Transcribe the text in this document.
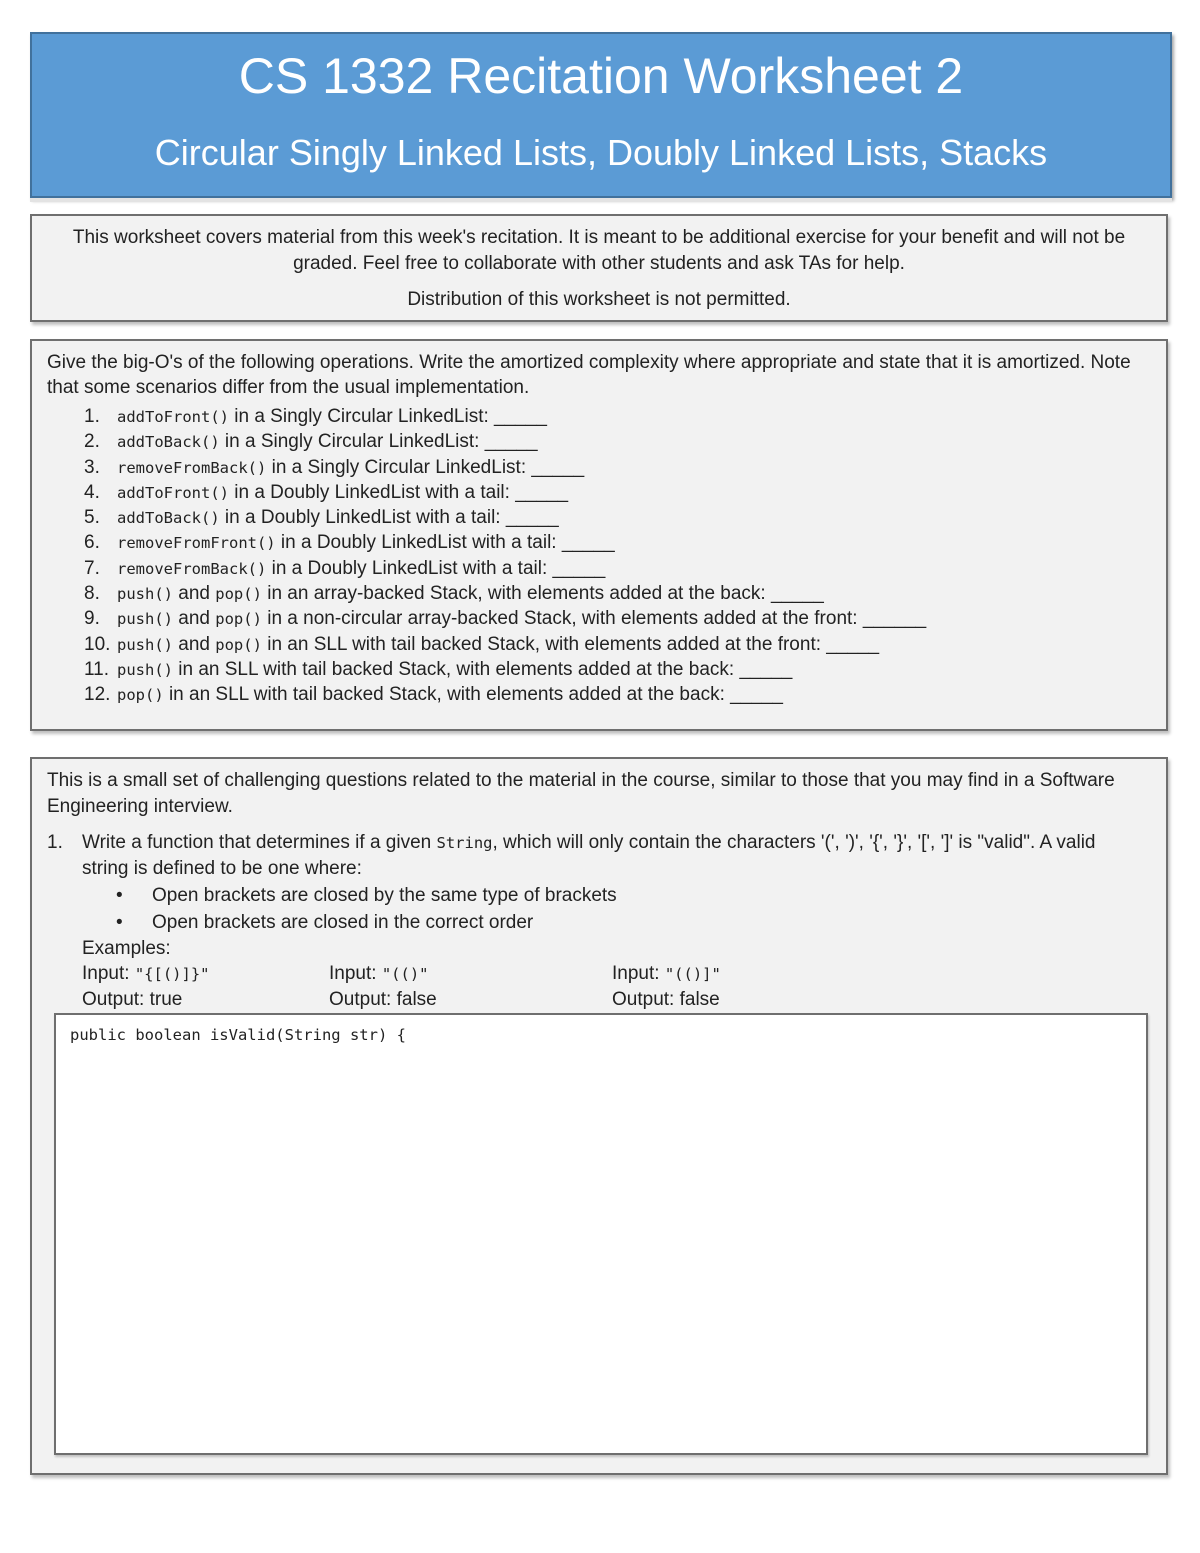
CS 1332 Recitation Worksheet 2
Circular Singly Linked Lists, Doubly Linked Lists, Stacks
This worksheet covers material from this week's recitation. It is meant to be additional exercise for your benefit and will not be graded. Feel free to collaborate with other students and ask TAs for help.
Distribution of this worksheet is not permitted.
Give the big-O's of the following operations. Write the amortized complexity where appropriate and state that it is amortized. Note that some scenarios differ from the usual implementation.
1.	addToFront() in a Singly Circular LinkedList: _____
2.	addToBack() in a Singly Circular LinkedList: _____
3.	removeFromBack() in a Singly Circular LinkedList: _____
4.	addToFront() in a Doubly LinkedList with a tail: _____
5.	addToBack() in a Doubly LinkedList with a tail: _____
6.	removeFromFront() in a Doubly LinkedList with a tail: _____
7.	removeFromBack() in a Doubly LinkedList with a tail: _____
8.	push() and pop() in an array-backed Stack, with elements added at the back: _____
9.	push() and pop() in a non-circular array-backed Stack, with elements added at the front: ______
10. push() and pop() in an SLL with tail backed Stack, with elements added at the front: _____
11. push() in an SLL with tail backed Stack, with elements added at the back: _____
12. pop() in an SLL with tail backed Stack, with elements added at the back: _____
This is a small set of challenging questions related to the material in the course, similar to those that you may find in a Software Engineering interview.
1. Write a function that determines if a given String, which will only contain the characters '(', ')', '{', '}', '[', ']' is "valid". A valid string is defined to be one where:
• Open brackets are closed by the same type of brackets
• Open brackets are closed in the correct order
Examples:
Input: "{[()]}"
Output: true
Input: "(()"
Output: false
Input: "(()]"
Output: false
public boolean isValid(String str) {
